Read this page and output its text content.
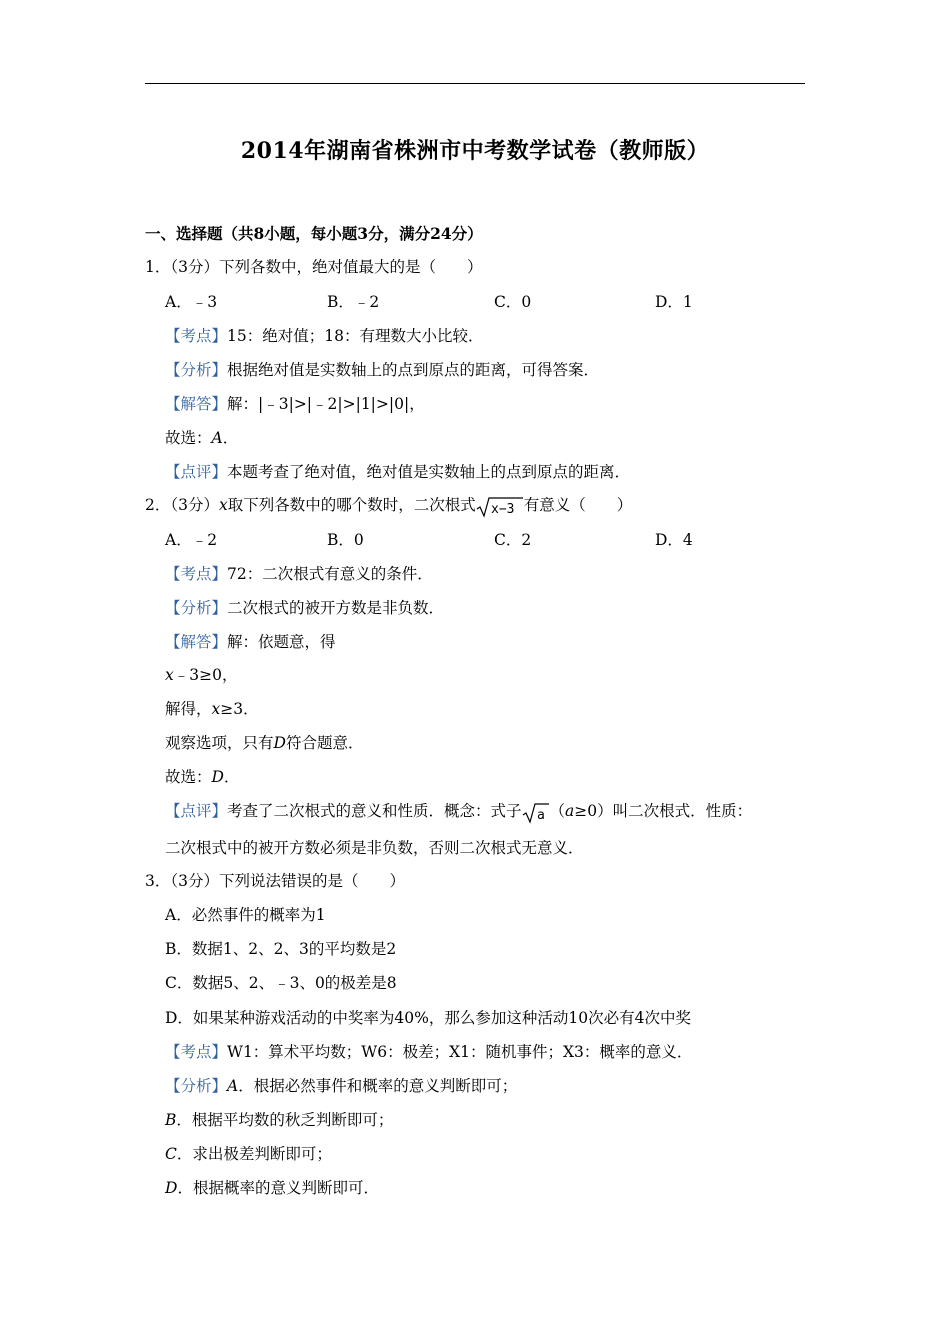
2014年湖南省株洲市中考数学试卷（教师版）
一、选择题（共8小题，每小题3分，满分24分）
1．（3分）下列各数中，绝对值最大的是（　　）
A．﹣3	B．﹣2	C．0	D．1
【考点】15：绝对值；18：有理数大小比较．
【分析】根据绝对值是实数轴上的点到原点的距离，可得答案．
【解答】解：|﹣3|>|﹣2|>|1|>|0|，
故选：A．
【点评】本题考查了绝对值，绝对值是实数轴上的点到原点的距离．
2．（3分）x取下列各数中的哪个数时，二次根式 x−3 有意义（　　）
A．﹣2	B．0	C．2	D．4
【考点】72：二次根式有意义的条件．
【分析】二次根式的被开方数是非负数．
【解答】解：依题意，得
x﹣3≥0，
解得，x≥3．
观察选项，只有D符合题意．
故选：D．
【点评】考查了二次根式的意义和性质．概念：式子 a （a≥0）叫二次根式．性质：
二次根式中的被开方数必须是非负数，否则二次根式无意义．
3．（3分）下列说法错误的是（　　）
A．必然事件的概率为1
B．数据1、2、2、3的平均数是2
C．数据5、2、﹣3、0的极差是8
D．如果某种游戏活动的中奖率为40%，那么参加这种活动10次必有4次中奖
【考点】W1：算术平均数；W6：极差；X1：随机事件；X3：概率的意义．
【分析】A．根据必然事件和概率的意义判断即可；
B．根据平均数的秋乏判断即可；
C．求出极差判断即可；
D．根据概率的意义判断即可．
